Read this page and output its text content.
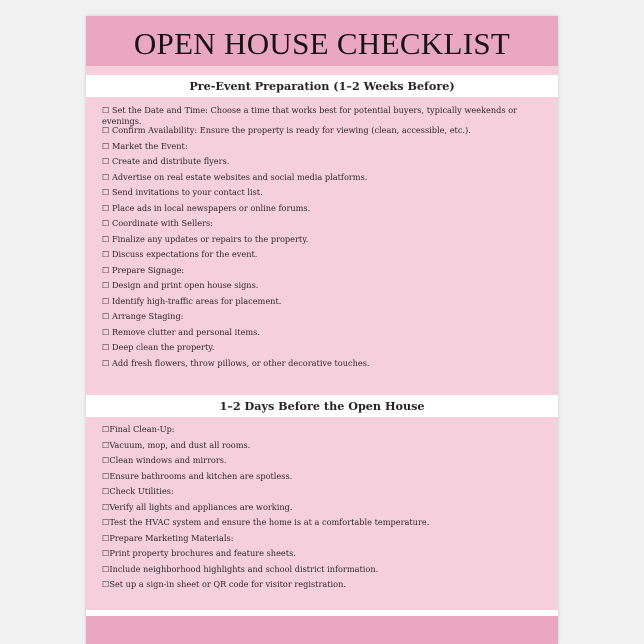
OPEN HOUSE CHECKLIST
Pre-Event Preparation (1–2 Weeks Before)
☐ Set the Date and Time: Choose a time that works best for potential buyers, typically weekends or evenings.
☐ Confirm Availability: Ensure the property is ready for viewing (clean, accessible, etc.).
☐ Market the Event:
☐ Create and distribute flyers.
☐ Advertise on real estate websites and social media platforms.
☐ Send invitations to your contact list.
☐ Place ads in local newspapers or online forums.
☐ Coordinate with Sellers:
☐ Finalize any updates or repairs to the property.
☐ Discuss expectations for the event.
☐ Prepare Signage:
☐ Design and print open house signs.
☐ Identify high-traffic areas for placement.
☐ Arrange Staging:
☐ Remove clutter and personal items.
☐ Deep clean the property.
☐ Add fresh flowers, throw pillows, or other decorative touches.
1–2 Days Before the Open House
☐Final Clean-Up:
☐Vacuum, mop, and dust all rooms.
☐Clean windows and mirrors.
☐Ensure bathrooms and kitchen are spotless.
☐Check Utilities:
☐Verify all lights and appliances are working.
☐Test the HVAC system and ensure the home is at a comfortable temperature.
☐Prepare Marketing Materials:
☐Print property brochures and feature sheets.
☐Include neighborhood highlights and school district information.
☐Set up a sign-in sheet or QR code for visitor registration.
